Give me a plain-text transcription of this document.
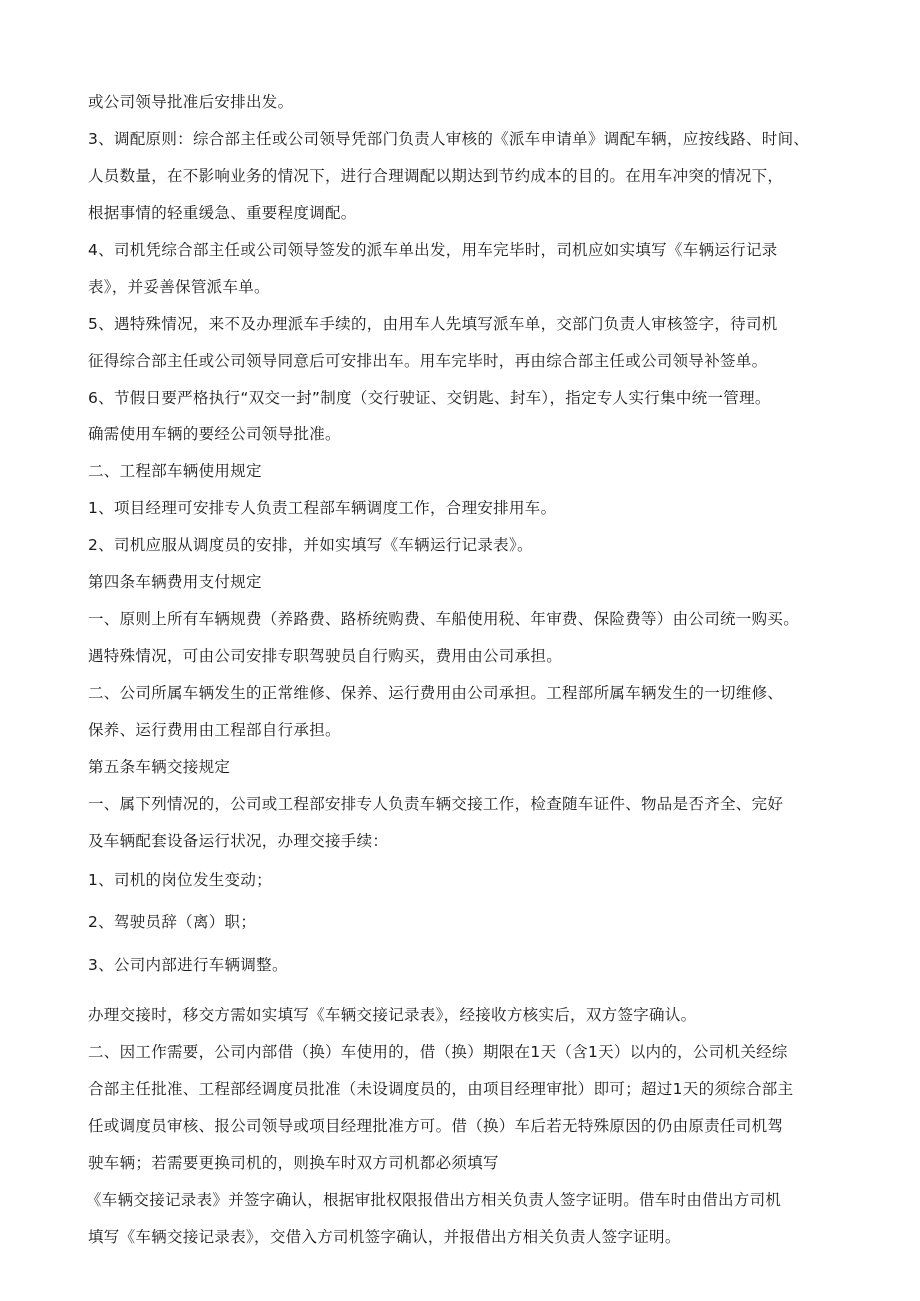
或公司领导批准后安排出发。
3、调配原则：综合部主任或公司领导凭部门负责人审核的《派车申请单》调配车辆，应按线路、时间、
人员数量，在不影响业务的情况下，进行合理调配以期达到节约成本的目的。在用车冲突的情况下，
根据事情的轻重缓急、重要程度调配。
4、司机凭综合部主任或公司领导签发的派车单出发，用车完毕时，司机应如实填写《车辆运行记录
表》，并妥善保管派车单。
5、遇特殊情况，来不及办理派车手续的，由用车人先填写派车单，交部门负责人审核签字，待司机
征得综合部主任或公司领导同意后可安排出车。用车完毕时，再由综合部主任或公司领导补签单。
6、节假日要严格执行“双交一封”制度（交行驶证、交钥匙、封车），指定专人实行集中统一管理。
确需使用车辆的要经公司领导批准。
二、工程部车辆使用规定
1、项目经理可安排专人负责工程部车辆调度工作，合理安排用车。
2、司机应服从调度员的安排，并如实填写《车辆运行记录表》。
第四条车辆费用支付规定
一、原则上所有车辆规费（养路费、路桥统购费、车船使用税、年审费、保险费等）由公司统一购买。
遇特殊情况，可由公司安排专职驾驶员自行购买，费用由公司承担。
二、公司所属车辆发生的正常维修、保养、运行费用由公司承担。工程部所属车辆发生的一切维修、
保养、运行费用由工程部自行承担。
第五条车辆交接规定
一、属下列情况的，公司或工程部安排专人负责车辆交接工作，检查随车证件、物品是否齐全、完好
及车辆配套设备运行状况，办理交接手续：
1、司机的岗位发生变动；
2、驾驶员辞（离）职；
3、公司内部进行车辆调整。
办理交接时，移交方需如实填写《车辆交接记录表》，经接收方核实后，双方签字确认。
二、因工作需要，公司内部借（换）车使用的，借（换）期限在1天（含1天）以内的，公司机关经综
合部主任批准、工程部经调度员批准（未设调度员的，由项目经理审批）即可；超过1天的须综合部主
任或调度员审核、报公司领导或项目经理批准方可。借（换）车后若无特殊原因的仍由原责任司机驾
驶车辆；若需要更换司机的，则换车时双方司机都必须填写
《车辆交接记录表》并签字确认，根据审批权限报借出方相关负责人签字证明。借车时由借出方司机
填写《车辆交接记录表》，交借入方司机签字确认，并报借出方相关负责人签字证明。
